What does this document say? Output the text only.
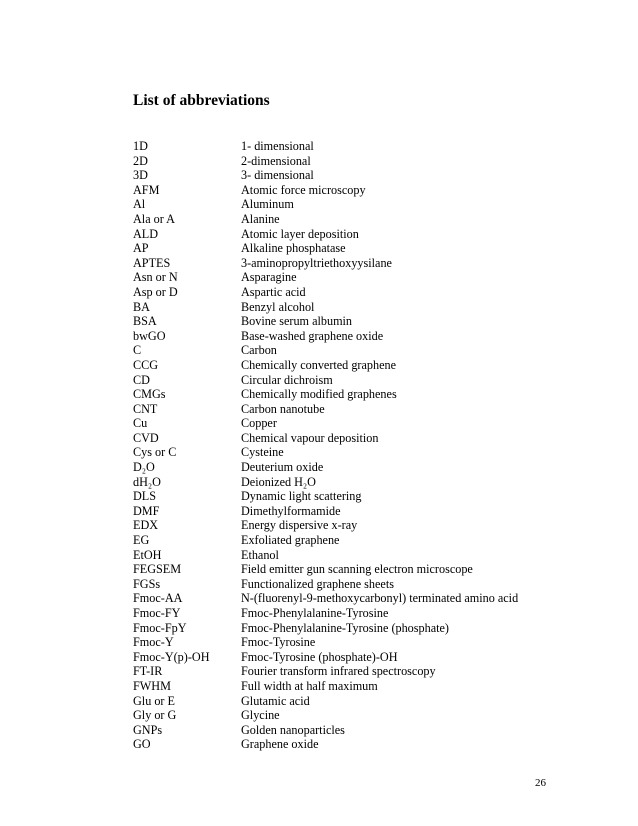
List of abbreviations
1D	1- dimensional
2D	2-dimensional
3D	3- dimensional
AFM	Atomic force microscopy
Al	Aluminum
Ala or A	Alanine
ALD	Atomic layer deposition
AP	Alkaline phosphatase
APTES	3-aminopropyltriethoxyysilane
Asn or N	Asparagine
Asp or D	Aspartic acid
BA	Benzyl alcohol
BSA	Bovine serum albumin
bwGO	Base-washed graphene oxide
C	Carbon
CCG	Chemically converted graphene
CD	Circular dichroism
CMGs	Chemically modified graphenes
CNT	Carbon nanotube
Cu	Copper
CVD	Chemical vapour deposition
Cys or C	Cysteine
D₂O	Deuterium oxide
dH₂O	Deionized H₂O
DLS	Dynamic light scattering
DMF	Dimethylformamide
EDX	Energy dispersive x-ray
EG	Exfoliated graphene
EtOH	Ethanol
FEGSEM	Field emitter gun scanning electron microscope
FGSs	Functionalized graphene sheets
Fmoc-AA	N-(fluorenyl-9-methoxycarbonyl) terminated amino acid
Fmoc-FY	Fmoc-Phenylalanine-Tyrosine
Fmoc-FpY	Fmoc-Phenylalanine-Tyrosine (phosphate)
Fmoc-Y	Fmoc-Tyrosine
Fmoc-Y(p)-OH	Fmoc-Tyrosine (phosphate)-OH
FT-IR	Fourier transform infrared spectroscopy
FWHM	Full width at half maximum
Glu or E	Glutamic acid
Gly or G	Glycine
GNPs	Golden nanoparticles
GO	Graphene oxide
26
